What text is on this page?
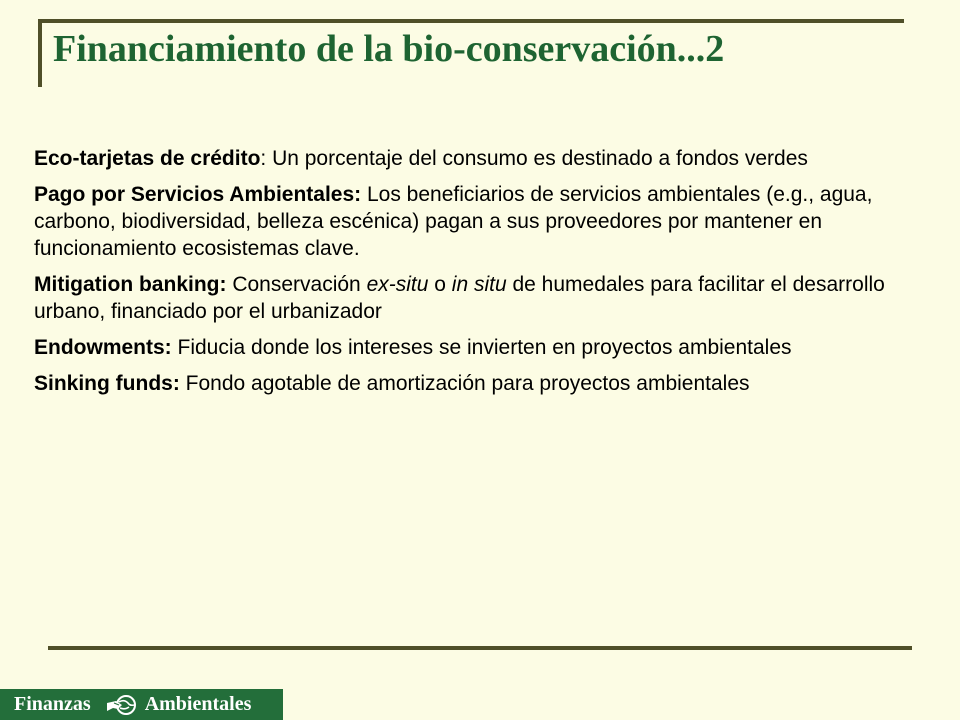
Financiamiento de la bio-conservación...2

Eco-tarjetas de crédito: Un porcentaje del consumo es destinado a fondos verdes

Pago por Servicios Ambientales: Los beneficiarios de servicios ambientales (e.g., agua, carbono, biodiversidad, belleza escénica) pagan a sus proveedores por mantener en funcionamiento ecosistemas clave.

Mitigation banking: Conservación ex-situ o in situ de humedales para facilitar el desarrollo urbano, financiado por el urbanizador

Endowments: Fiducia donde los intereses se invierten en proyectos ambientales

Sinking funds: Fondo agotable de amortización para proyectos ambientales

Finanzas	Ambientales
